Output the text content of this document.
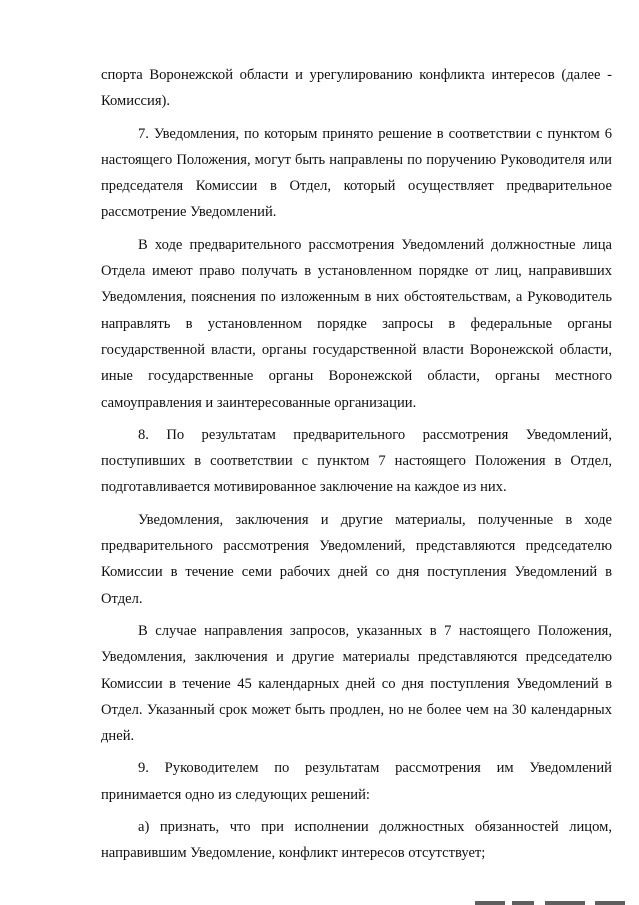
спорта Воронежской области и урегулированию конфликта интересов (далее - Комиссия).

7. Уведомления, по которым принято решение в соответствии с пунктом 6 настоящего Положения, могут быть направлены по поручению Руководителя или председателя Комиссии в Отдел, который осуществляет предварительное рассмотрение Уведомлений.

В ходе предварительного рассмотрения Уведомлений должностные лица Отдела имеют право получать в установленном порядке от лиц, направивших Уведомления, пояснения по изложенным в них обстоятельствам, а Руководитель направлять в установленном порядке запросы в федеральные органы государственной власти, органы государственной власти Воронежской области, иные государственные органы Воронежской области, органы местного самоуправления и заинтересованные организации.

8. По результатам предварительного рассмотрения Уведомлений, поступивших в соответствии с пунктом 7 настоящего Положения в Отдел, подготавливается мотивированное заключение на каждое из них.

Уведомления, заключения и другие материалы, полученные в ходе предварительного рассмотрения Уведомлений, представляются председателю Комиссии в течение семи рабочих дней со дня поступления Уведомлений в Отдел.

В случае направления запросов, указанных в 7 настоящего Положения, Уведомления, заключения и другие материалы представляются председателю Комиссии в течение 45 календарных дней со дня поступления Уведомлений в Отдел. Указанный срок может быть продлен, но не более чем на 30 календарных дней.

9. Руководителем по результатам рассмотрения им Уведомлений принимается одно из следующих решений:

а) признать, что при исполнении должностных обязанностей лицом, направившим Уведомление, конфликт интересов отсутствует;
